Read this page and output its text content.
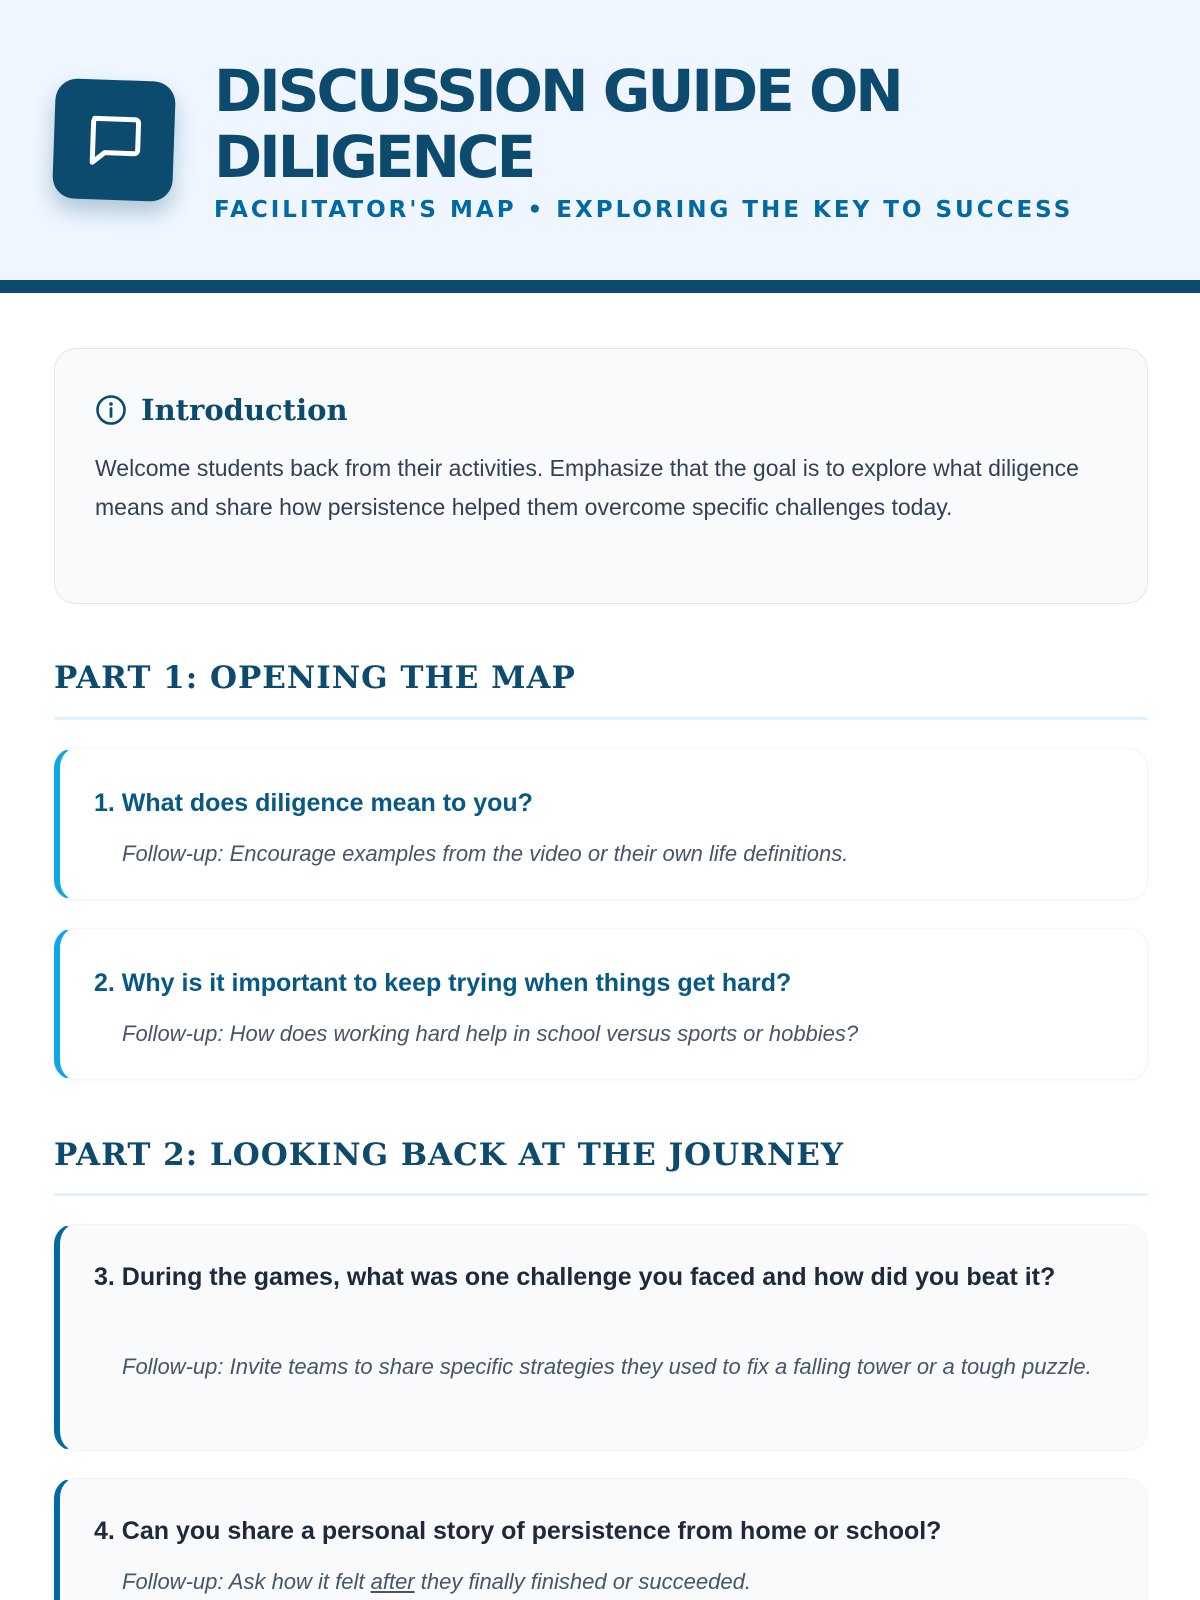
DISCUSSION GUIDE ON DILIGENCE
FACILITATOR'S MAP • EXPLORING THE KEY TO SUCCESS
Introduction
Welcome students back from their activities. Emphasize that the goal is to explore what diligence means and share how persistence helped them overcome specific challenges today.
PART 1: OPENING THE MAP
1. What does diligence mean to you?
Follow-up: Encourage examples from the video or their own life definitions.
2. Why is it important to keep trying when things get hard?
Follow-up: How does working hard help in school versus sports or hobbies?
PART 2: LOOKING BACK AT THE JOURNEY
3. During the games, what was one challenge you faced and how did you beat it?
Follow-up: Invite teams to share specific strategies they used to fix a falling tower or a tough puzzle.
4. Can you share a personal story of persistence from home or school?
Follow-up: Ask how it felt after they finally finished or succeeded.
